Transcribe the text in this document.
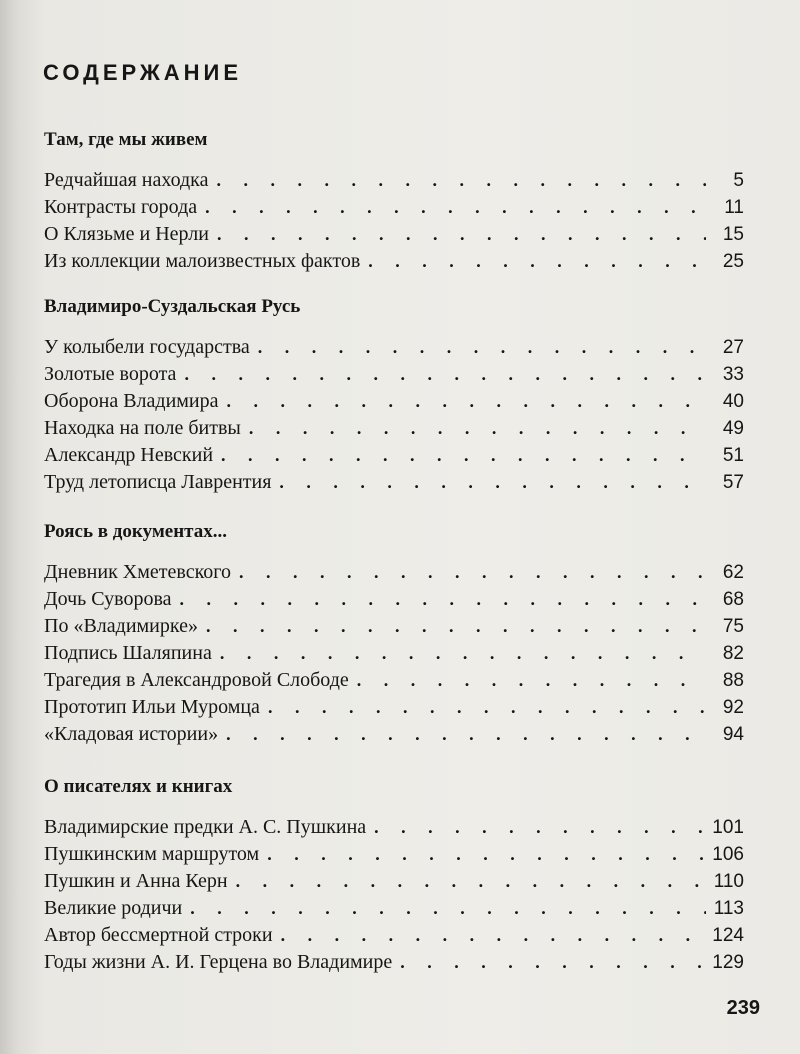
СОДЕРЖАНИЕ
Там, где мы живем
Редчайшая находка . . .	5
Контрасты города . . .	11
О Клязьме и Нерли . . .	15
Из коллекции малоизвестных фактов . . .	25
Владимиро-Суздальская Русь
У колыбели государства . . .	27
Золотые ворота . . .	33
Оборона Владимира . . .	40
Находка на поле битвы . . .	49
Александр Невский . . .	51
Труд летописца Лаврентия . . .	57
Роясь в документах...
Дневник Хметевского . . .	62
Дочь Суворова . . .	68
По «Владимирке» . . .	75
Подпись Шаляпина . . .	82
Трагедия в Александровой Слободе . . .	88
Прототип Ильи Муромца . . .	92
«Кладовая истории» . . .	94
О писателях и книгах
Владимирские предки А. С. Пушкина . . .	101
Пушкинским маршрутом . . .	106
Пушкин и Анна Керн . . .	110
Великие родичи . . .	113
Автор бессмертной строки . . .	124
Годы жизни А. И. Герцена во Владимире . . .	129
239
